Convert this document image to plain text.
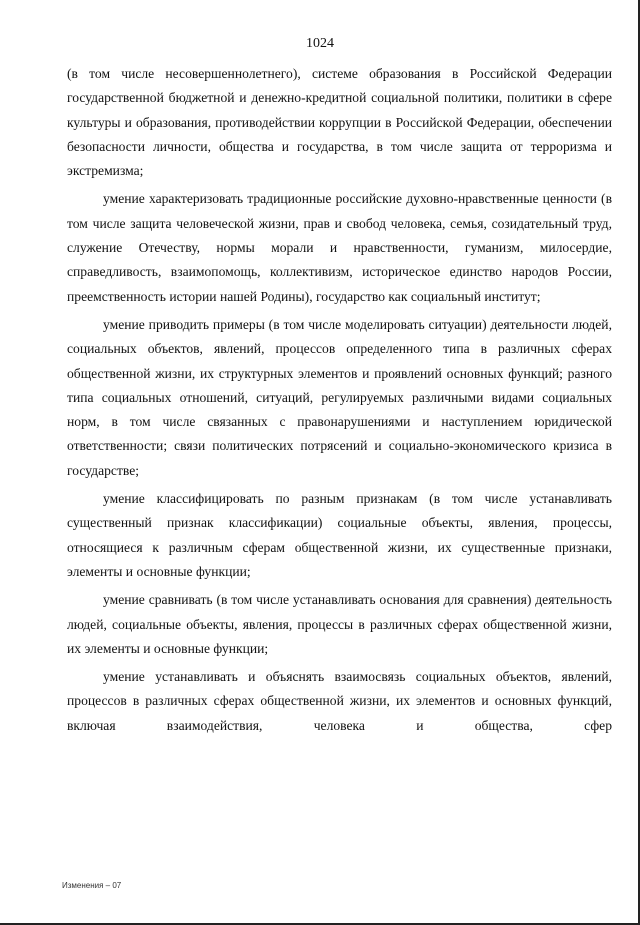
1024

(в том числе несовершеннолетнего), системе образования в Российской Федерации государственной бюджетной и денежно-кредитной социальной политики, политики в сфере культуры и образования, противодействии коррупции в Российской Федерации, обеспечении безопасности личности, общества и государства, в том числе защита от терроризма и экстремизма;

умение характеризовать традиционные российские духовно-нравственные ценности (в том числе защита человеческой жизни, прав и свобод человека, семья, созидательный труд, служение Отечеству, нормы морали и нравственности, гуманизм, милосердие, справедливость, взаимопомощь, коллективизм, историческое единство народов России, преемственность истории нашей Родины), государство как социальный институт;

умение приводить примеры (в том числе моделировать ситуации) деятельности людей, социальных объектов, явлений, процессов определенного типа в различных сферах общественной жизни, их структурных элементов и проявлений основных функций; разного типа социальных отношений, ситуаций, регулируемых различными видами социальных норм, в том числе связанных с правонарушениями и наступлением юридической ответственности; связи политических потрясений и социально-экономического кризиса в государстве;

умение классифицировать по разным признакам (в том числе устанавливать существенный признак классификации) социальные объекты, явления, процессы, относящиеся к различным сферам общественной жизни, их существенные признаки, элементы и основные функции;

умение сравнивать (в том числе устанавливать основания для сравнения) деятельность людей, социальные объекты, явления, процессы в различных сферах общественной жизни, их элементы и основные функции;

умение устанавливать и объяснять взаимосвязь социальных объектов, явлений, процессов в различных сферах общественной жизни, их элементов и основных функций, включая взаимодействия, человека и общества, сфер

Изменения – 07
